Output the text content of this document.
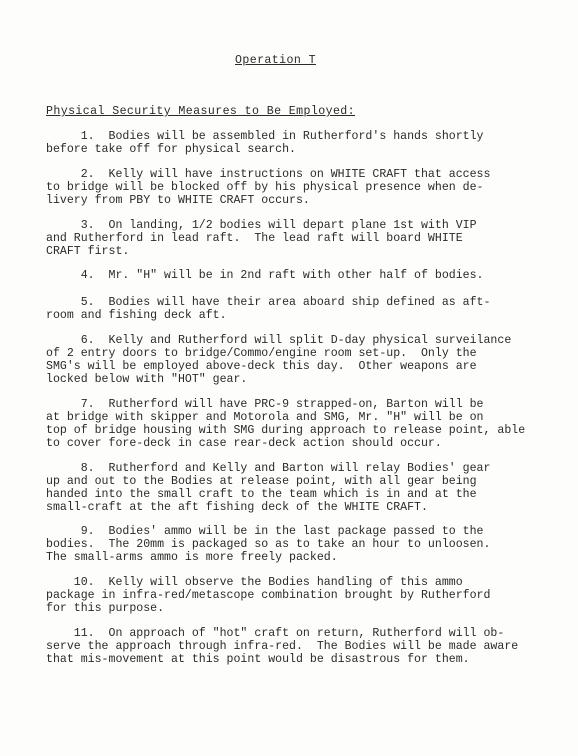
Operation T
Physical Security Measures to Be Employed:
1.  Bodies will be assembled in Rutherford's hands shortly
before take off for physical search.
2.  Kelly will have instructions on WHITE CRAFT that access
to bridge will be blocked off by his physical presence when de-
livery from PBY to WHITE CRAFT occurs.
3.  On landing, 1/2 bodies will depart plane 1st with VIP
and Rutherford in lead raft.  The lead raft will board WHITE
CRAFT first.
4.  Mr. "H" will be in 2nd raft with other half of bodies.
5.  Bodies will have their area aboard ship defined as aft-
room and fishing deck aft.
6.  Kelly and Rutherford will split D-day physical surveilance
of 2 entry doors to bridge/Commo/engine room set-up.  Only the
SMG's will be employed above-deck this day.  Other weapons are
locked below with "HOT" gear.
7.  Rutherford will have PRC-9 strapped-on, Barton will be
at bridge with skipper and Motorola and SMG, Mr. "H" will be on
top of bridge housing with SMG during approach to release point, able
to cover fore-deck in case rear-deck action should occur.
8.  Rutherford and Kelly and Barton will relay Bodies' gear
up and out to the Bodies at release point, with all gear being
handed into the small craft to the team which is in and at the
small-craft at the aft fishing deck of the WHITE CRAFT.
9.  Bodies' ammo will be in the last package passed to the
bodies.  The 20mm is packaged so as to take an hour to unloosen.
The small-arms ammo is more freely packed.
10.  Kelly will observe the Bodies handling of this ammo
package in infra-red/metascope combination brought by Rutherford
for this purpose.
11.  On approach of "hot" craft on return, Rutherford will ob-
serve the approach through infra-red.  The Bodies will be made aware
that mis-movement at this point would be disastrous for them.
